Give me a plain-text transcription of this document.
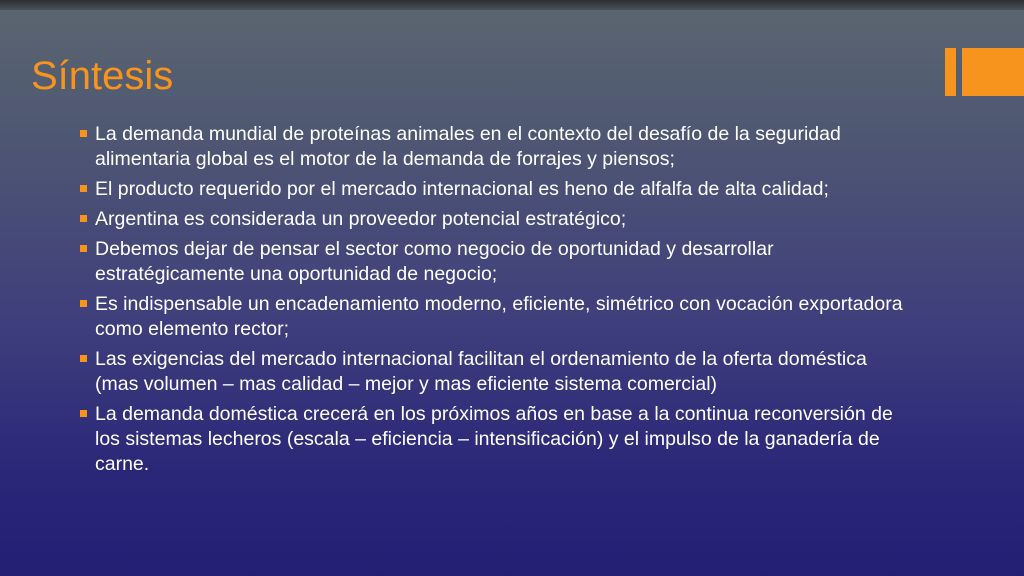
Síntesis
La demanda mundial de proteínas animales en el contexto del desafío de la seguridad alimentaria global es el motor de la demanda de forrajes y piensos;
El producto requerido por el mercado internacional es heno de alfalfa de alta calidad;
Argentina es considerada un proveedor potencial estratégico;
Debemos dejar de pensar el sector como negocio de oportunidad y desarrollar estratégicamente una oportunidad de negocio;
Es indispensable un encadenamiento moderno, eficiente, simétrico con vocación exportadora como elemento rector;
Las exigencias del mercado internacional facilitan el ordenamiento de la oferta doméstica (mas volumen – mas calidad – mejor y mas eficiente sistema comercial)
La demanda doméstica crecerá en los próximos años en base a la continua reconversión de los sistemas lecheros (escala – eficiencia – intensificación) y el impulso de la ganadería de carne.
